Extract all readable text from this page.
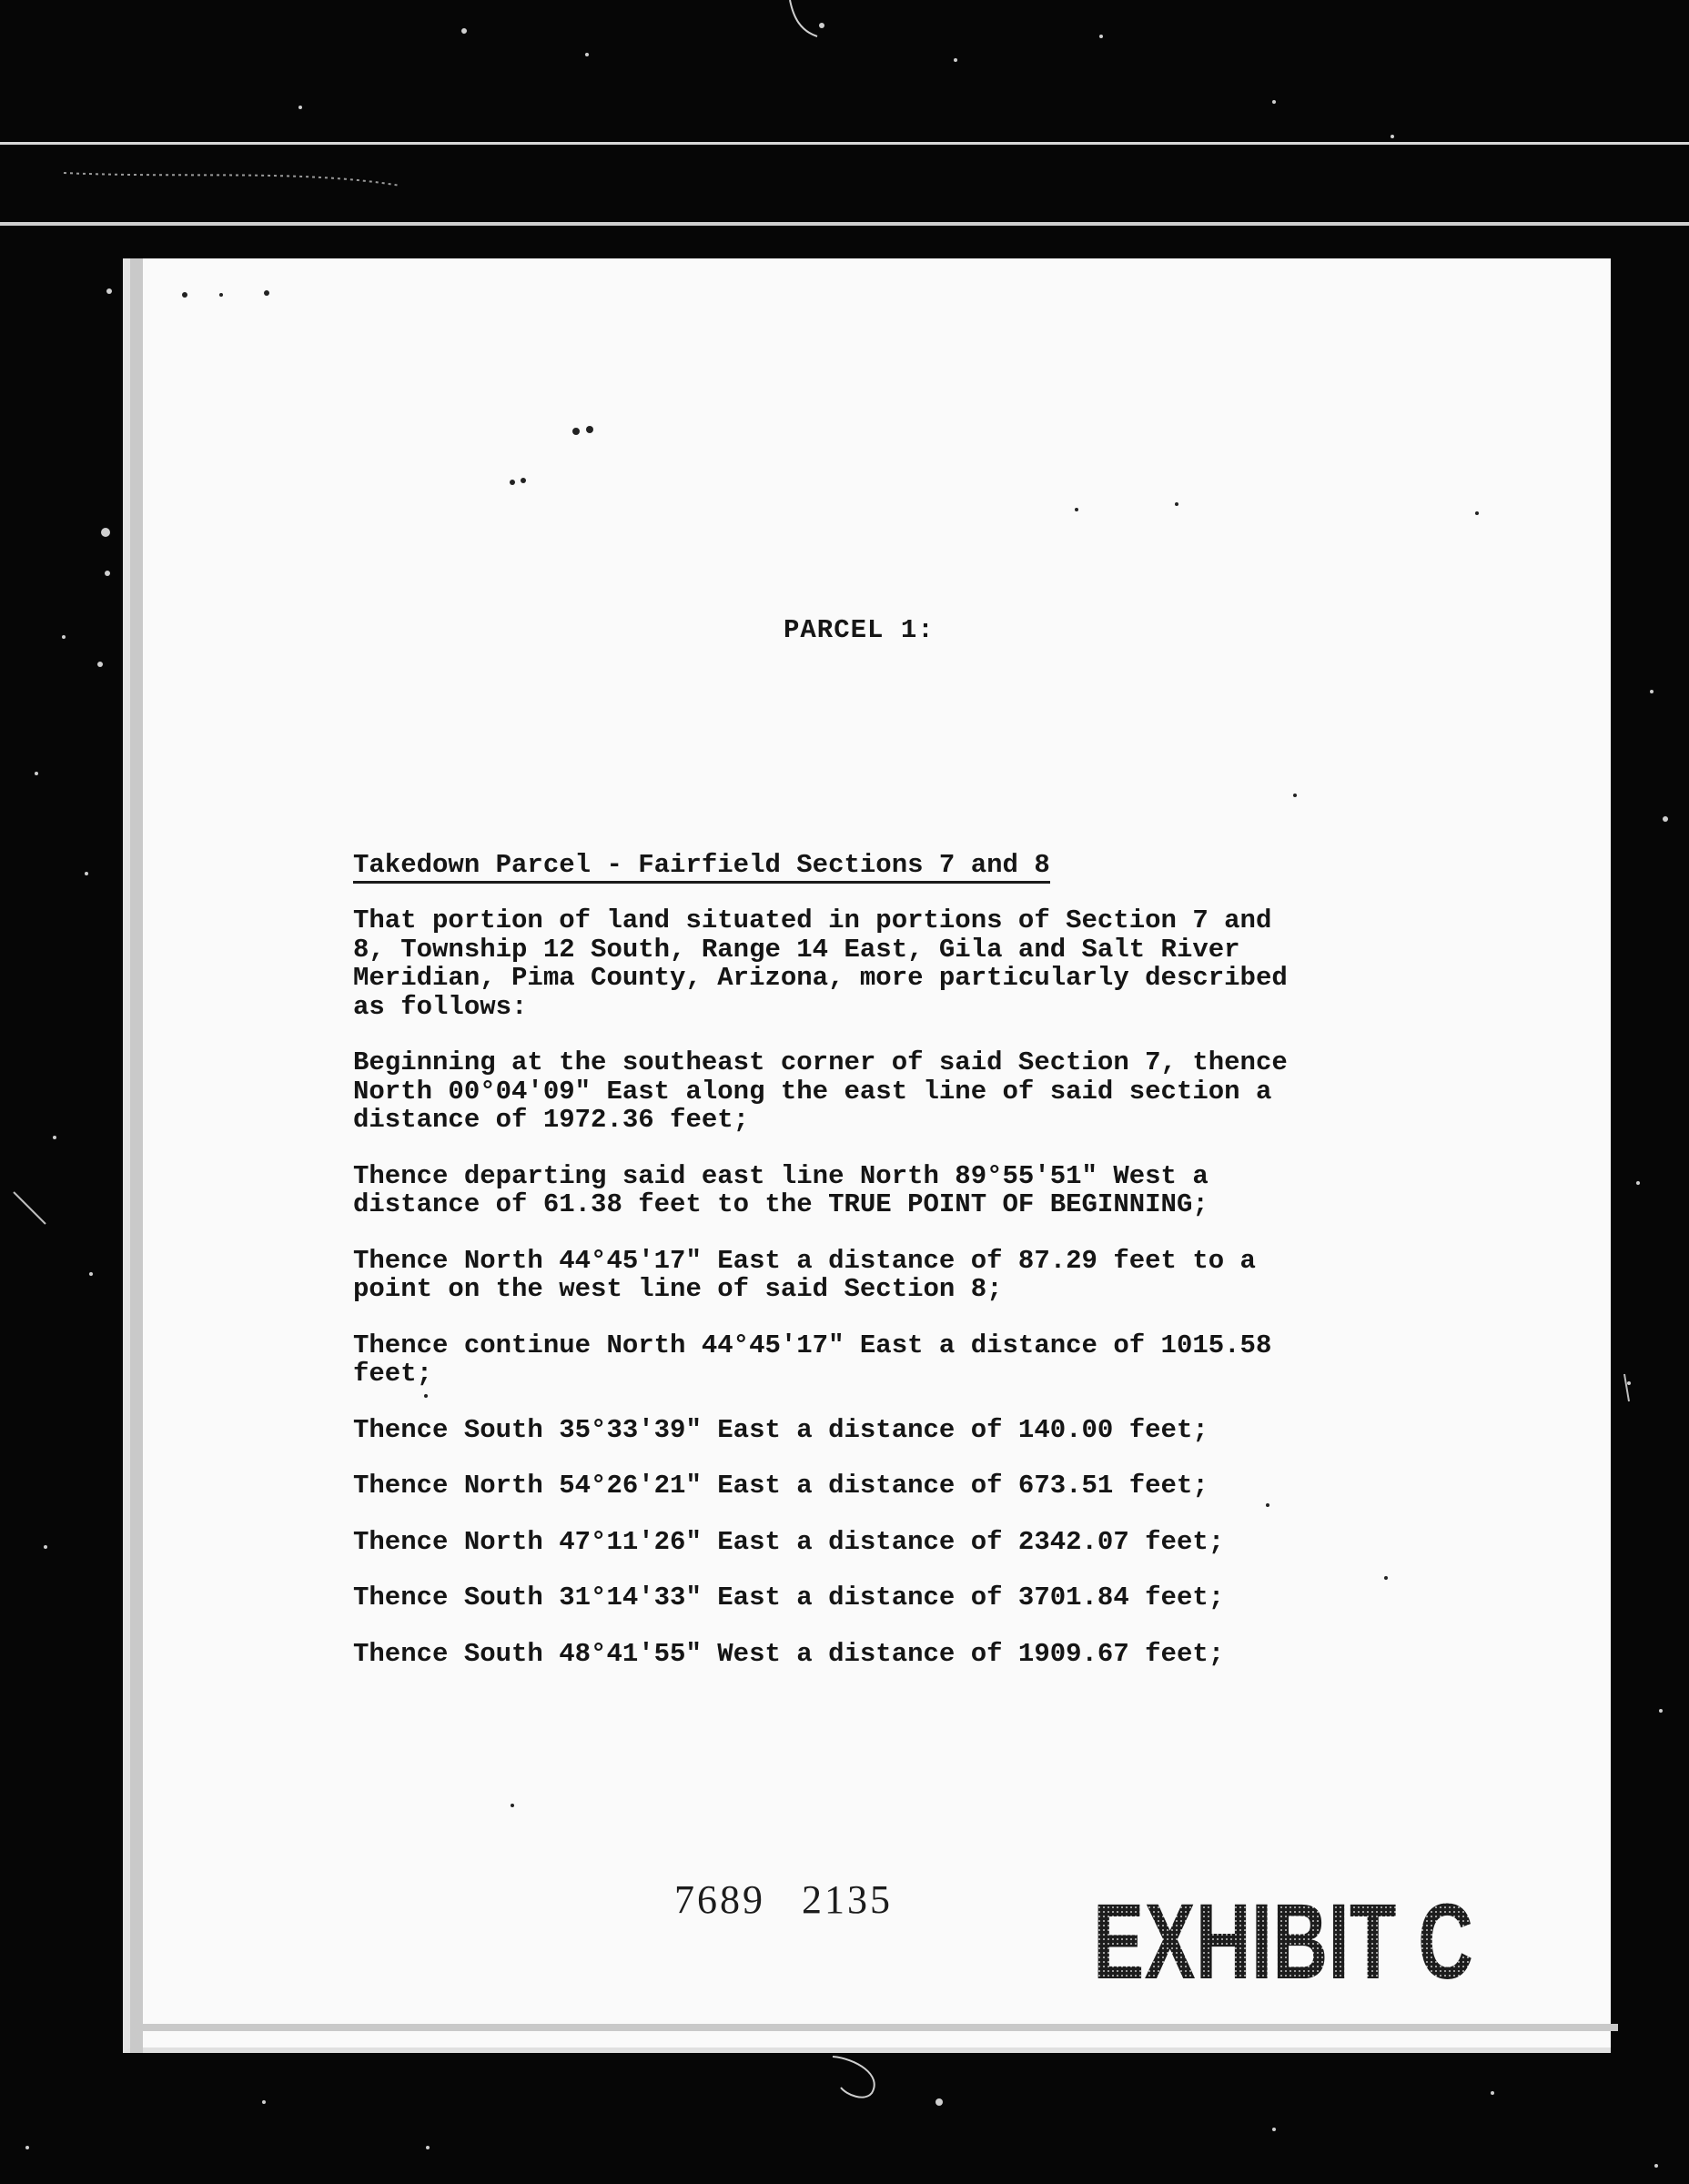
PARCEL 1:
Takedown Parcel - Fairfield Sections 7 and 8

That portion of land situated in portions of Section 7 and
8, Township 12 South, Range 14 East, Gila and Salt River
Meridian, Pima County, Arizona, more particularly described
as follows:

Beginning at the southeast corner of said Section 7, thence
North 00°04'09" East along the east line of said section a
distance of 1972.36 feet;

Thence departing said east line North 89°55'51" West a
distance of 61.38 feet to the TRUE POINT OF BEGINNING;

Thence North 44°45'17" East a distance of 87.29 feet to a
point on the west line of said Section 8;

Thence continue North 44°45'17" East a distance of 1015.58
feet;

Thence South 35°33'39" East a distance of 140.00 feet;

Thence North 54°26'21" East a distance of 673.51 feet;

Thence North 47°11'26" East a distance of 2342.07 feet;

Thence South 31°14'33" East a distance of 3701.84 feet;

Thence South 48°41'55" West a distance of 1909.67 feet;

7689 2135 EXHIBIT C
